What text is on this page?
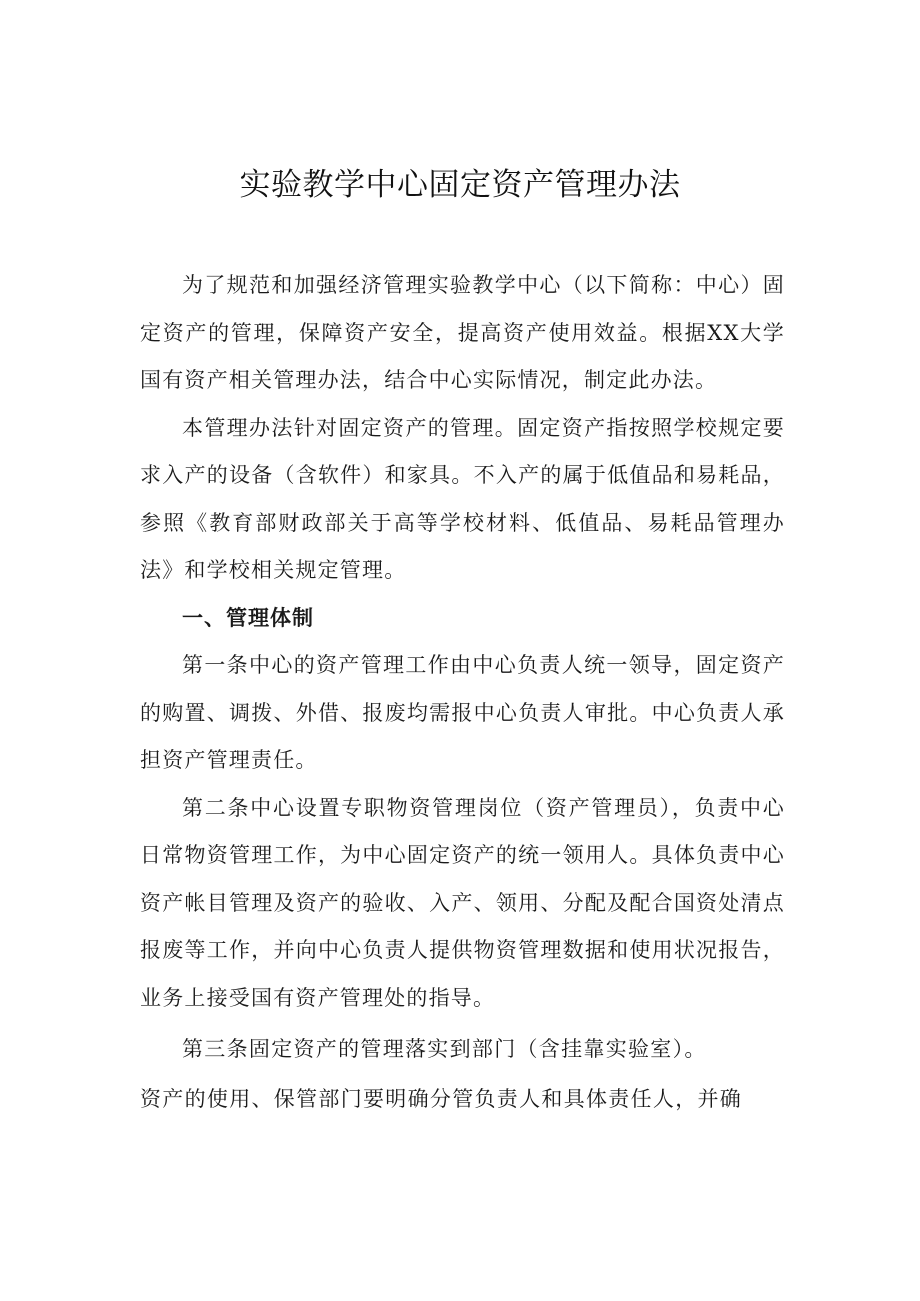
实验教学中心固定资产管理办法

为了规范和加强经济管理实验教学中心（以下简称：中心）固定资产的管理，保障资产安全，提高资产使用效益。根据XX大学国有资产相关管理办法，结合中心实际情况，制定此办法。

本管理办法针对固定资产的管理。固定资产指按照学校规定要求入产的设备（含软件）和家具。不入产的属于低值品和易耗品，参照《教育部财政部关于高等学校材料、低值品、易耗品管理办法》和学校相关规定管理。

一、管理体制

第一条中心的资产管理工作由中心负责人统一领导，固定资产的购置、调拨、外借、报废均需报中心负责人审批。中心负责人承担资产管理责任。

第二条中心设置专职物资管理岗位（资产管理员），负责中心日常物资管理工作，为中心固定资产的统一领用人。具体负责中心资产帐目管理及资产的验收、入产、领用、分配及配合国资处清点报废等工作，并向中心负责人提供物资管理数据和使用状况报告，业务上接受国有资产管理处的指导。

第三条固定资产的管理落实到部门（含挂靠实验室）。

资产的使用、保管部门要明确分管负责人和具体责任人，并确
